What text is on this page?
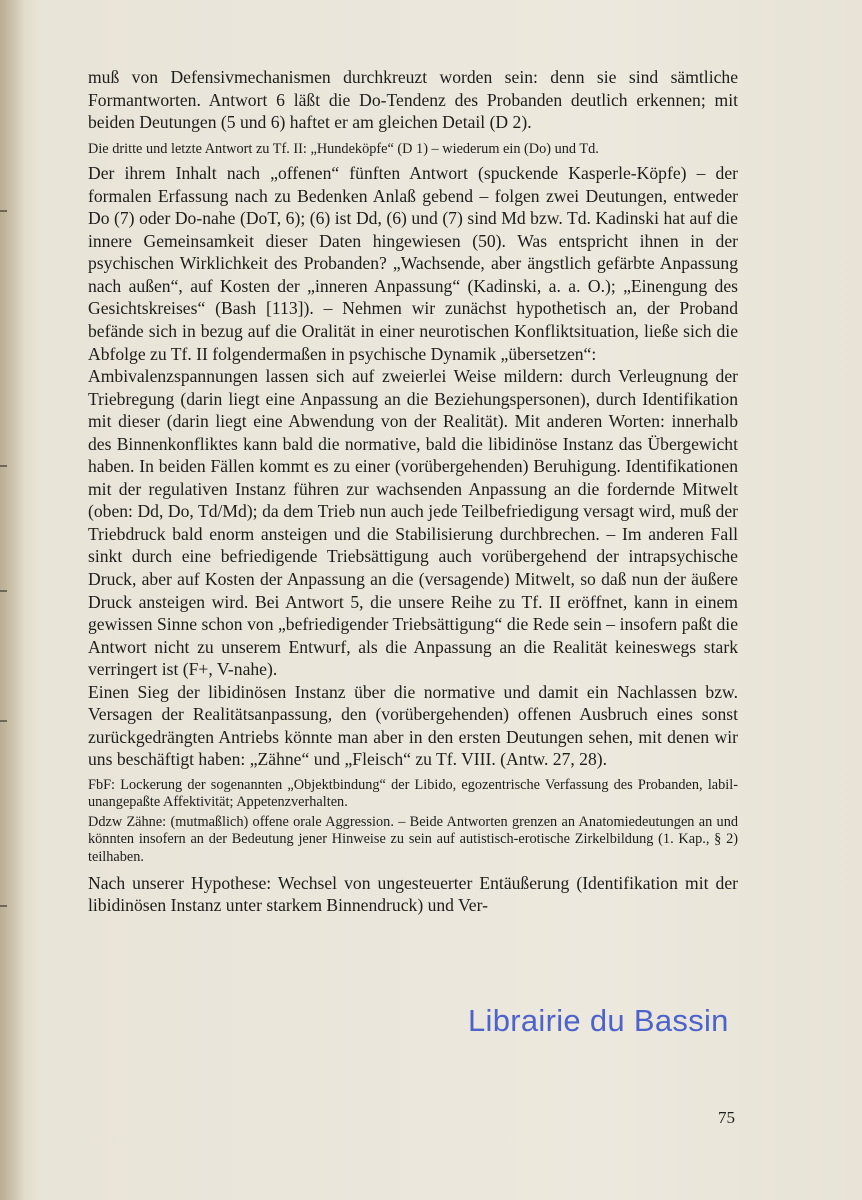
muß von Defensivmechanismen durchkreuzt worden sein: denn sie sind sämtliche Formantworten. Antwort 6 läßt die Do-Tendenz des Probanden deutlich erkennen; mit beiden Deutungen (5 und 6) haftet er am gleichen Detail (D 2).

Die dritte und letzte Antwort zu Tf. II: „Hundeköpfe“ (D 1) – wiederum ein (Do) und Td.

Der ihrem Inhalt nach „offenen“ fünften Antwort (spuckende Kasperle-Köpfe) – der formalen Erfassung nach zu Bedenken Anlaß gebend – folgen zwei Deutungen, entweder Do (7) oder Do-nahe (DoT, 6); (6) ist Dd, (6) und (7) sind Md bzw. Td. Kadinski hat auf die innere Gemeinsamkeit dieser Daten hingewiesen (50). Was entspricht ihnen in der psychischen Wirklichkeit des Probanden? „Wachsende, aber ängstlich gefärbte Anpassung nach außen“, auf Kosten der „inneren Anpassung“ (Kadinski, a. a. O.); „Einengung des Gesichtskreises“ (Bash [113]). – Nehmen wir zunächst hypothetisch an, der Proband befände sich in bezug auf die Oralität in einer neurotischen Konfliktsituation, ließe sich die Abfolge zu Tf. II folgendermaßen in psychische Dynamik „übersetzen“:

Ambivalenzspannungen lassen sich auf zweierlei Weise mildern: durch Verleugnung der Triebregung (darin liegt eine Anpassung an die Beziehungspersonen), durch Identifikation mit dieser (darin liegt eine Abwendung von der Realität). Mit anderen Worten: innerhalb des Binnenkonfliktes kann bald die normative, bald die libidinöse Instanz das Übergewicht haben. In beiden Fällen kommt es zu einer (vorübergehenden) Beruhigung. Identifikationen mit der regulativen Instanz führen zur wachsenden Anpassung an die fordernde Mitwelt (oben: Dd, Do, Td/Md); da dem Trieb nun auch jede Teilbefriedigung versagt wird, muß der Triebdruck bald enorm ansteigen und die Stabilisierung durchbrechen. – Im anderen Fall sinkt durch eine befriedigende Triebsättigung auch vorübergehend der intrapsychische Druck, aber auf Kosten der Anpassung an die (versagende) Mitwelt, so daß nun der äußere Druck ansteigen wird. Bei Antwort 5, die unsere Reihe zu Tf. II eröffnet, kann in einem gewissen Sinne schon von „befriedigender Triebsättigung“ die Rede sein – insofern paßt die Antwort nicht zu unserem Entwurf, als die Anpassung an die Realität keineswegs stark verringert ist (F+, V-nahe).

Einen Sieg der libidinösen Instanz über die normative und damit ein Nachlassen bzw. Versagen der Realitätsanpassung, den (vorübergehenden) offenen Ausbruch eines sonst zurückgedrängten Antriebs könnte man aber in den ersten Deutungen sehen, mit denen wir uns beschäftigt haben: „Zähne“ und „Fleisch“ zu Tf. VIII. (Antw. 27, 28).

FbF: Lockerung der sogenannten „Objektbindung“ der Libido, egozentrische Verfassung des Probanden, labil-unangepaßte Affektivität; Appetenzverhalten.

Ddzw Zähne: (mutmaßlich) offene orale Aggression. – Beide Antworten grenzen an Anatomiedeutungen an und könnten insofern an der Bedeutung jener Hinweise zu sein auf autistisch-erotische Zirkelbildung (1. Kap., § 2) teilhaben.

Nach unserer Hypothese: Wechsel von ungesteuerter Entäußerung (Identifikation mit der libidinösen Instanz unter starkem Binnendruck) und Ver-

Librairie du Bassin
75
